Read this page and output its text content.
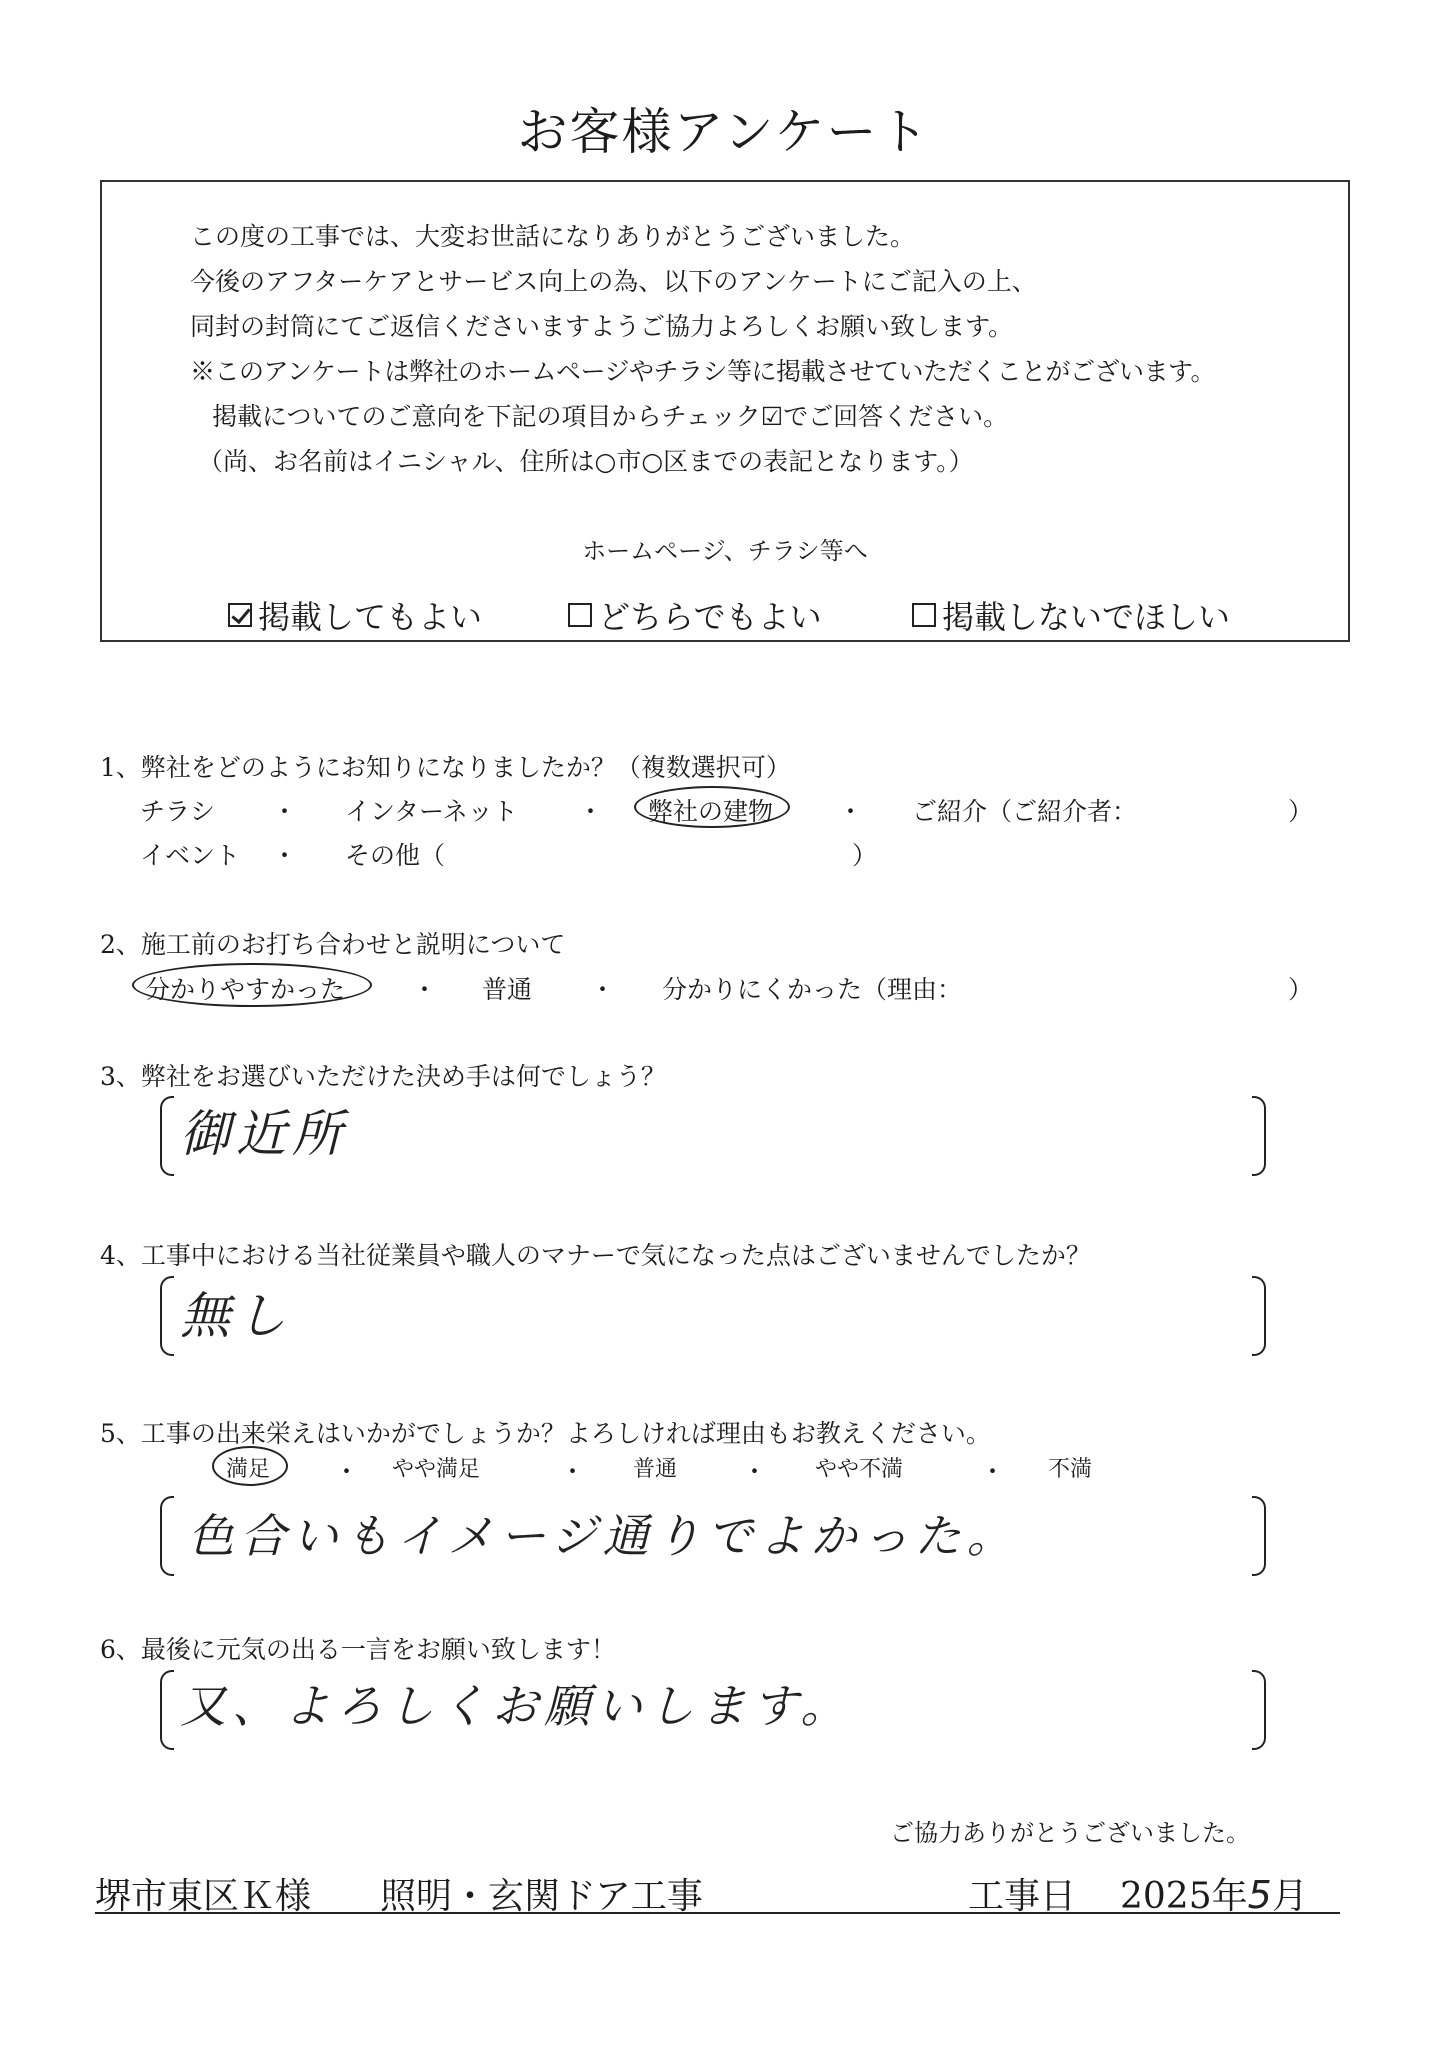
お客様アンケート
この度の工事では、大変お世話になりありがとうございました。
今後のアフターケアとサービス向上の為、以下のアンケートにご記入の上、
同封の封筒にてご返信くださいますようご協力よろしくお願い致します。
※このアンケートは弊社のホームページやチラシ等に掲載させていただくことがございます。
掲載についてのご意向を下記の項目からチェック☑でご回答ください。
（尚、お名前はイニシャル、住所は○市○区までの表記となります。）
ホームページ、チラシ等へ
掲載してもよい	どちらでもよい	掲載しないでほしい
1、弊社をどのようにお知りになりましたか？（複数選択可）
チラシ ・ インターネット ・ 弊社の建物	・ ご紹介（ご紹介者：	）
イベント ・ その他（	）
2、施工前のお打ち合わせと説明について
分かりやすかった	・ 普通 ・ 分かりにくかった（理由：	）
3、弊社をお選びいただけた決め手は何でしょう？
御近所
4、工事中における当社従業員や職人のマナーで気になった点はございませんでしたか？
無し
5、工事の出来栄えはいかがでしょうか？よろしければ理由もお教えください。
満足	・ やや満足	・ 普通	・ やや不満	・ 不満
色合いもイメージ通りでよかった。
6、最後に元気の出る一言をお願い致します！
又、よろしくお願いします。
ご協力ありがとうございました。
堺市東区Ｋ様 照明・玄関ドア工事	工事日 2025年5月
